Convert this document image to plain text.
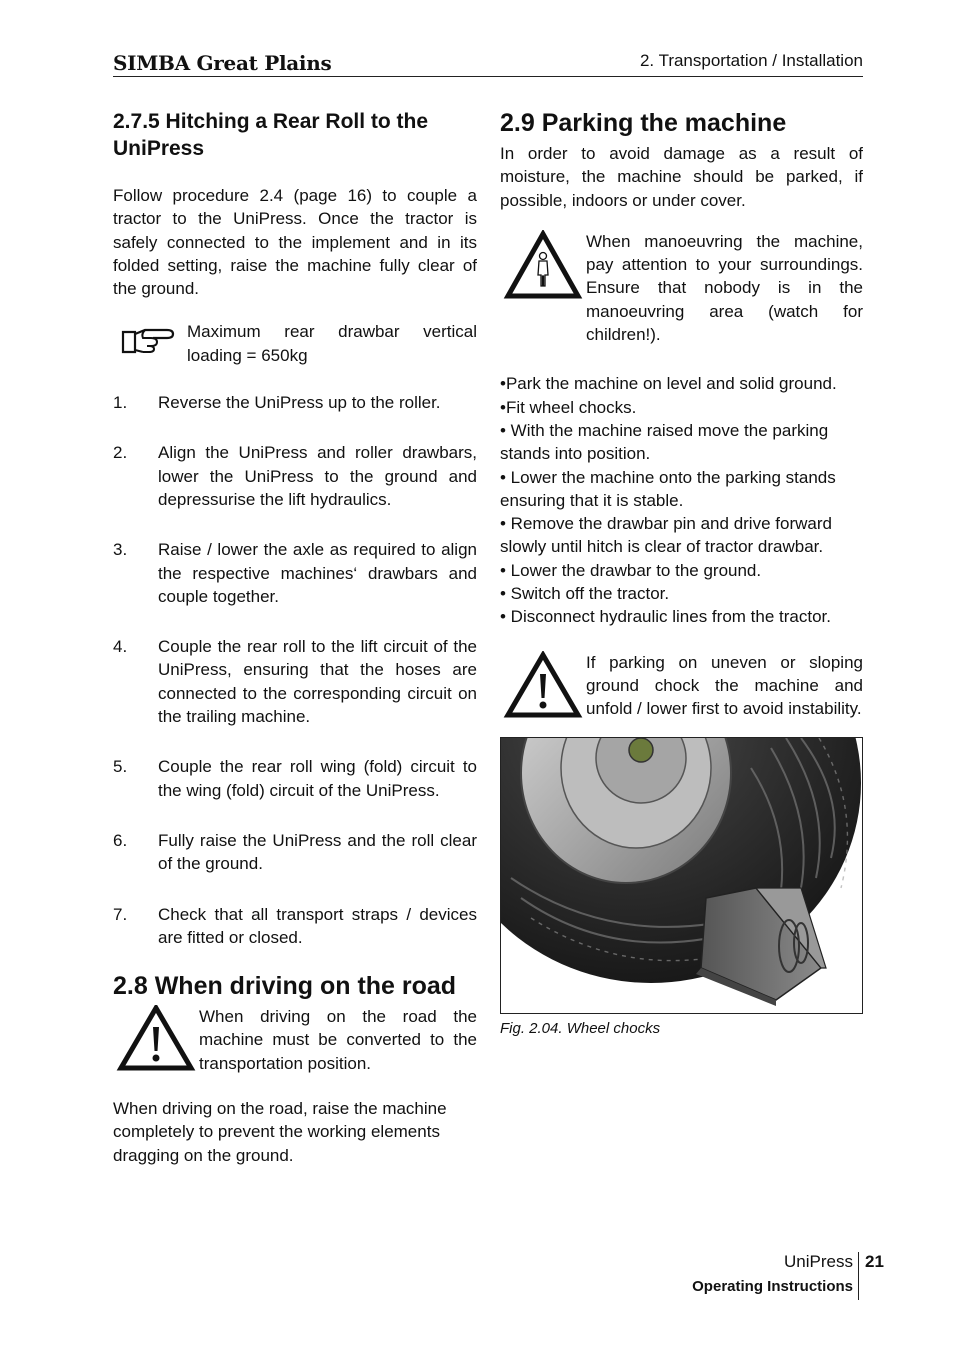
SIMBA Great Plains	2. Transportation / Installation
2.7.5 Hitching a Rear Roll to the UniPress

Follow procedure 2.4 (page 16) to couple a tractor to the UniPress. Once the tractor is safely connected to the implement and in its folded setting, raise the machine fully clear of the ground.

Maximum rear drawbar vertical loading = 650kg

1.	Reverse the UniPress up to the roller.
2.	Align the UniPress and roller drawbars, lower the UniPress to the ground and depressurise the lift hydraulics.
3.	Raise / lower the axle as required to align the respective machines‘ drawbars and couple together.
4.	Couple the rear roll to the lift circuit of the UniPress, ensuring that the hoses are connected to the corresponding circuit on the trailing machine.
5.	Couple the rear roll wing (fold) circuit to the wing (fold) circuit of the UniPress.
6.	Fully raise the UniPress and the roll clear of the ground.
7.	Check that all transport straps / devices are fitted or closed.
2.8 When driving on the road

When driving on the road the machine must be converted to the transportation position.

When driving on the road, raise the machine completely to prevent the working elements dragging on the ground.

2.9 Parking the machine

In order to avoid damage as a result of moisture, the machine should be parked, if possible, indoors or under cover.

When manoeuvring the machine, pay attention to your surroundings. Ensure that nobody is in the manoeuvring area (watch for children!).

•Park the machine on level and solid ground.

•Fit wheel chocks.

• With the machine raised move the parking stands into position.

• Lower the machine onto the parking stands ensuring that it is stable.

• Remove the drawbar pin and drive forward slowly until hitch is clear of tractor drawbar.

• Lower the drawbar to the ground.

• Switch off the tractor.

• Disconnect hydraulic lines from the tractor.

If parking on uneven or sloping ground chock the machine and unfold / lower first to avoid instability.

Fig. 2.04. Wheel chocks
UniPress
Operating Instructions
21
